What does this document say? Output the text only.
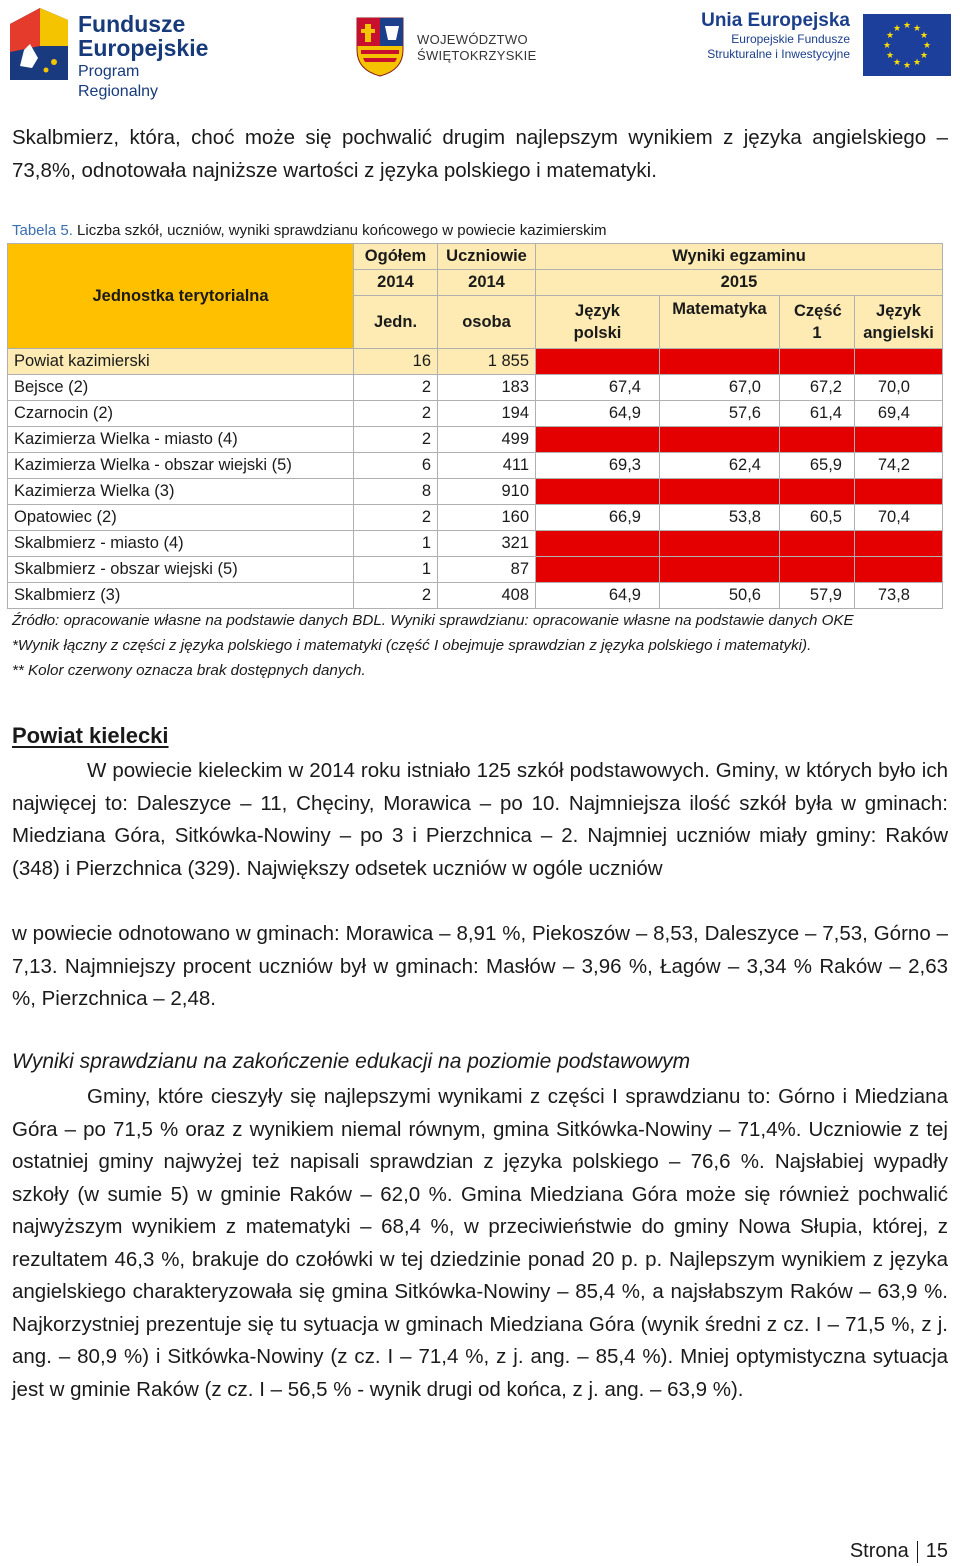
Fundusze
Europejskie
Program Regionalny
WOJEWÓDZTWO
ŚWIĘTOKRZYSKIE
Unia Europejska
Europejskie Fundusze
Strukturalne i Inwestycyjne
★ ★
★
★
★
★
★
★
★
★
★
★
Skalbmierz, która, choć może się pochwalić drugim najlepszym wynikiem z języka angielskiego – 73,8%, odnotowała najniższe wartości z języka polskiego i matematyki.
Tabela 5. Liczba szkół, uczniów, wyniki sprawdzianu końcowego w powiecie kazimierskim
Jednostka terytorialna	Ogółem	Uczniowie	Wyniki egzaminu			
	2014	2014	2015			
	Jedn.	osoba	Język polski	Matematyka	Część 1	Język angielski
Powiat kazimierski	16	1 855				
Bejsce (2)	2	183	67,4	67,0	67,2	70,0
Czarnocin (2)	2	194	64,9	57,6	61,4	69,4
Kazimierza Wielka - miasto (4)	2	499				
Kazimierza Wielka - obszar wiejski (5)	6	411	69,3	62,4	65,9	74,2
Kazimierza Wielka (3)	8	910				
Opatowiec (2)	2	160	66,9	53,8	60,5	70,4
Skalbmierz - miasto (4)	1	321				
Skalbmierz - obszar wiejski (5)	1	87				
Skalbmierz (3)	2	408	64,9	50,6	57,9	73,8
Źródło: opracowanie własne na podstawie danych BDL. Wyniki sprawdzianu: opracowanie własne na podstawie danych OKE
*Wynik łączny z części z języka polskiego i matematyki (część I obejmuje sprawdzian z języka polskiego i matematyki).
** Kolor czerwony oznacza brak dostępnych danych.
Powiat kielecki
W powiecie kieleckim w 2014 roku istniało 125 szkół podstawowych. Gminy, w których było ich najwięcej to: Daleszyce – 11, Chęciny, Morawica – po 10. Najmniejsza ilość szkół była w gminach: Miedziana Góra, Sitkówka-Nowiny – po 3 i Pierzchnica – 2. Najmniej uczniów miały gminy: Raków (348) i Pierzchnica (329). Największy odsetek uczniów w ogóle uczniów
w powiecie odnotowano w gminach: Morawica – 8,91 %, Piekoszów – 8,53, Daleszyce – 7,53, Górno – 7,13. Najmniejszy procent uczniów był w gminach: Masłów – 3,96 %, Łagów – 3,34 % Raków – 2,63 %, Pierzchnica – 2,48.
Wyniki sprawdzianu na zakończenie edukacji na poziomie podstawowym
Gminy, które cieszyły się najlepszymi wynikami z części I sprawdzianu to: Górno i Miedziana Góra – po 71,5 % oraz z wynikiem niemal równym, gmina Sitkówka-Nowiny – 71,4%. Uczniowie z tej ostatniej gminy najwyżej też napisali sprawdzian z języka polskiego – 76,6 %. Najsłabiej wypadły szkoły (w sumie 5) w gminie Raków – 62,0 %. Gmina Miedziana Góra może się również pochwalić najwyższym wynikiem z matematyki – 68,4 %, w przeciwieństwie do gminy Nowa Słupia, której, z rezultatem 46,3 %, brakuje do czołówki w tej dziedzinie ponad 20 p. p. Najlepszym wynikiem z języka angielskiego charakteryzowała się gmina Sitkówka-Nowiny – 85,4 %, a najsłabszym Raków – 63,9 %. Najkorzystniej prezentuje się tu sytuacja w gminach Miedziana Góra (wynik średni z cz. I – 71,5 %, z j. ang. – 80,9 %) i Sitkówka-Nowiny (z cz. I – 71,4 %, z j. ang. – 85,4 %). Mniej optymistyczna sytuacja jest w gminie Raków (z cz. I – 56,5 % - wynik drugi od końca, z j. ang. – 63,9 %).
Strona 15
